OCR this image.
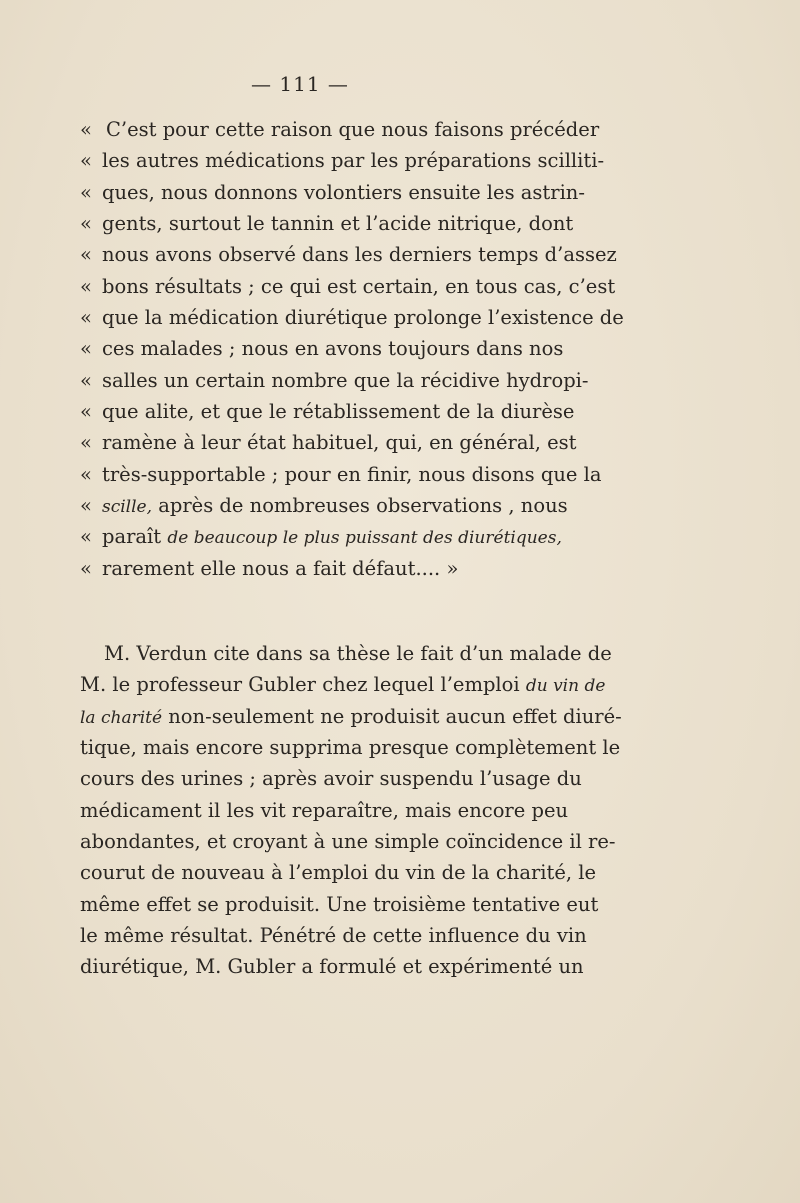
— 111 —
« C’est pour cette raison que nous faisons précéder
« les autres médications par les préparations scilliti-
« ques, nous donnons volontiers ensuite les astrin-
« gents, surtout le tannin et l’acide nitrique, dont
« nous avons observé dans les derniers temps d’assez
« bons résultats ; ce qui est certain, en tous cas, c’est
« que la médication diurétique prolonge l’existence de
« ces malades ; nous en avons toujours dans nos
« salles un certain nombre que la récidive hydropi-
« que alite, et que le rétablissement de la diurèse
« ramène à leur état habituel, qui, en général, est
« très-supportable ; pour en finir, nous disons que la
« scille, après de nombreuses observations , nous
« paraît de beaucoup le plus puissant des diurétiques,
« rarement elle nous a fait défaut.... »
M. Verdun cite dans sa thèse le fait d’un malade de
M. le professeur Gubler chez lequel l’emploi du vin de
la charité non-seulement ne produisit aucun effet diuré-
tique, mais encore supprima presque complètement le
cours des urines ; après avoir suspendu l’usage du
médicament il les vit reparaître, mais encore peu
abondantes, et croyant à une simple coïncidence il re-
courut de nouveau à l’emploi du vin de la charité, le
même effet se produisit. Une troisième tentative eut
le même résultat. Pénétré de cette influence du vin
diurétique, M. Gubler a formulé et expérimenté un
